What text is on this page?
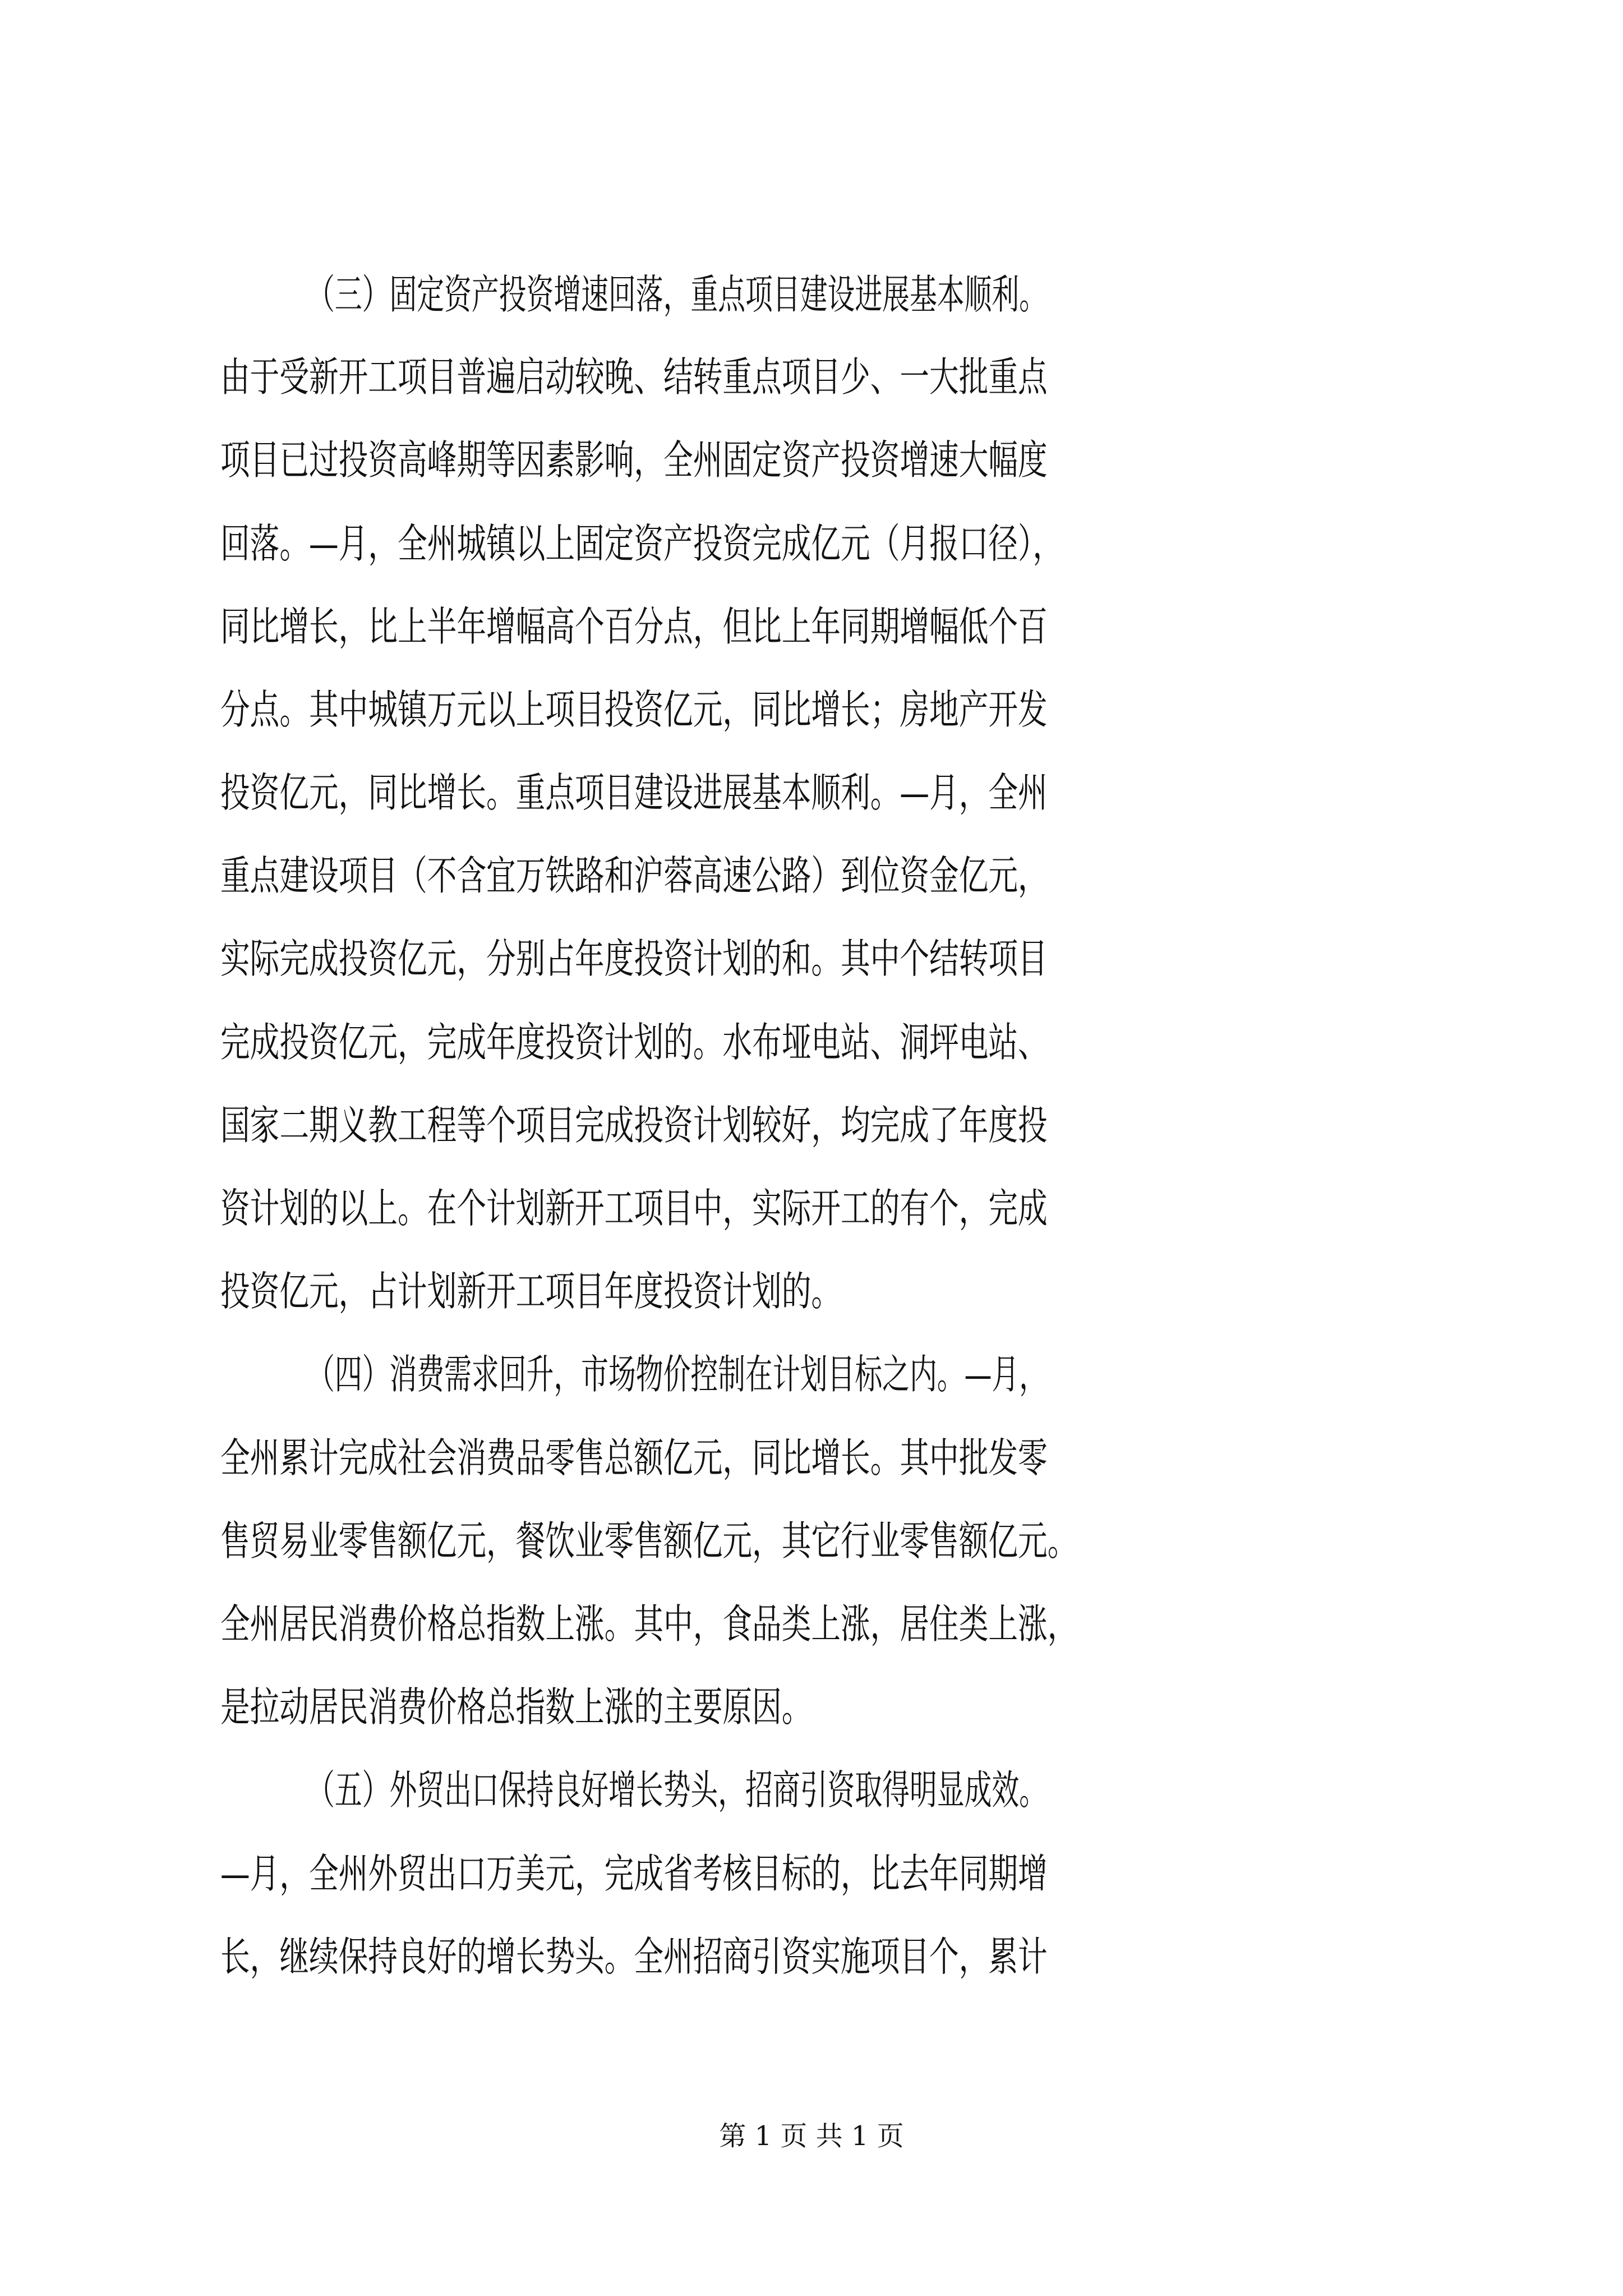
（三）固定资产投资增速回落，重点项目建设进展基本顺利。
由于受新开工项目普遍启动较晚、结转重点项目少、一大批重点
项目已过投资高峰期等因素影响，全州固定资产投资增速大幅度
回落。—月，全州城镇以上固定资产投资完成亿元（月报口径），
同比增长，比上半年增幅高个百分点，但比上年同期增幅低个百
分点。其中城镇万元以上项目投资亿元，同比增长；房地产开发
投资亿元，同比增长。重点项目建设进展基本顺利。—月，全州
重点建设项目（不含宜万铁路和沪蓉高速公路）到位资金亿元，
实际完成投资亿元，分别占年度投资计划的和。其中个结转项目
完成投资亿元，完成年度投资计划的。水布垭电站、洞坪电站、
国家二期义教工程等个项目完成投资计划较好，均完成了年度投
资计划的以上。在个计划新开工项目中，实际开工的有个，完成
投资亿元，占计划新开工项目年度投资计划的。
（四）消费需求回升，市场物价控制在计划目标之内。—月，
全州累计完成社会消费品零售总额亿元，同比增长。其中批发零
售贸易业零售额亿元，餐饮业零售额亿元，其它行业零售额亿元。
全州居民消费价格总指数上涨。其中，食品类上涨，居住类上涨，
是拉动居民消费价格总指数上涨的主要原因。
（五）外贸出口保持良好增长势头，招商引资取得明显成效。
—月，全州外贸出口万美元，完成省考核目标的，比去年同期增
长，继续保持良好的增长势头。全州招商引资实施项目个，累计
第 1 页 共 1 页
